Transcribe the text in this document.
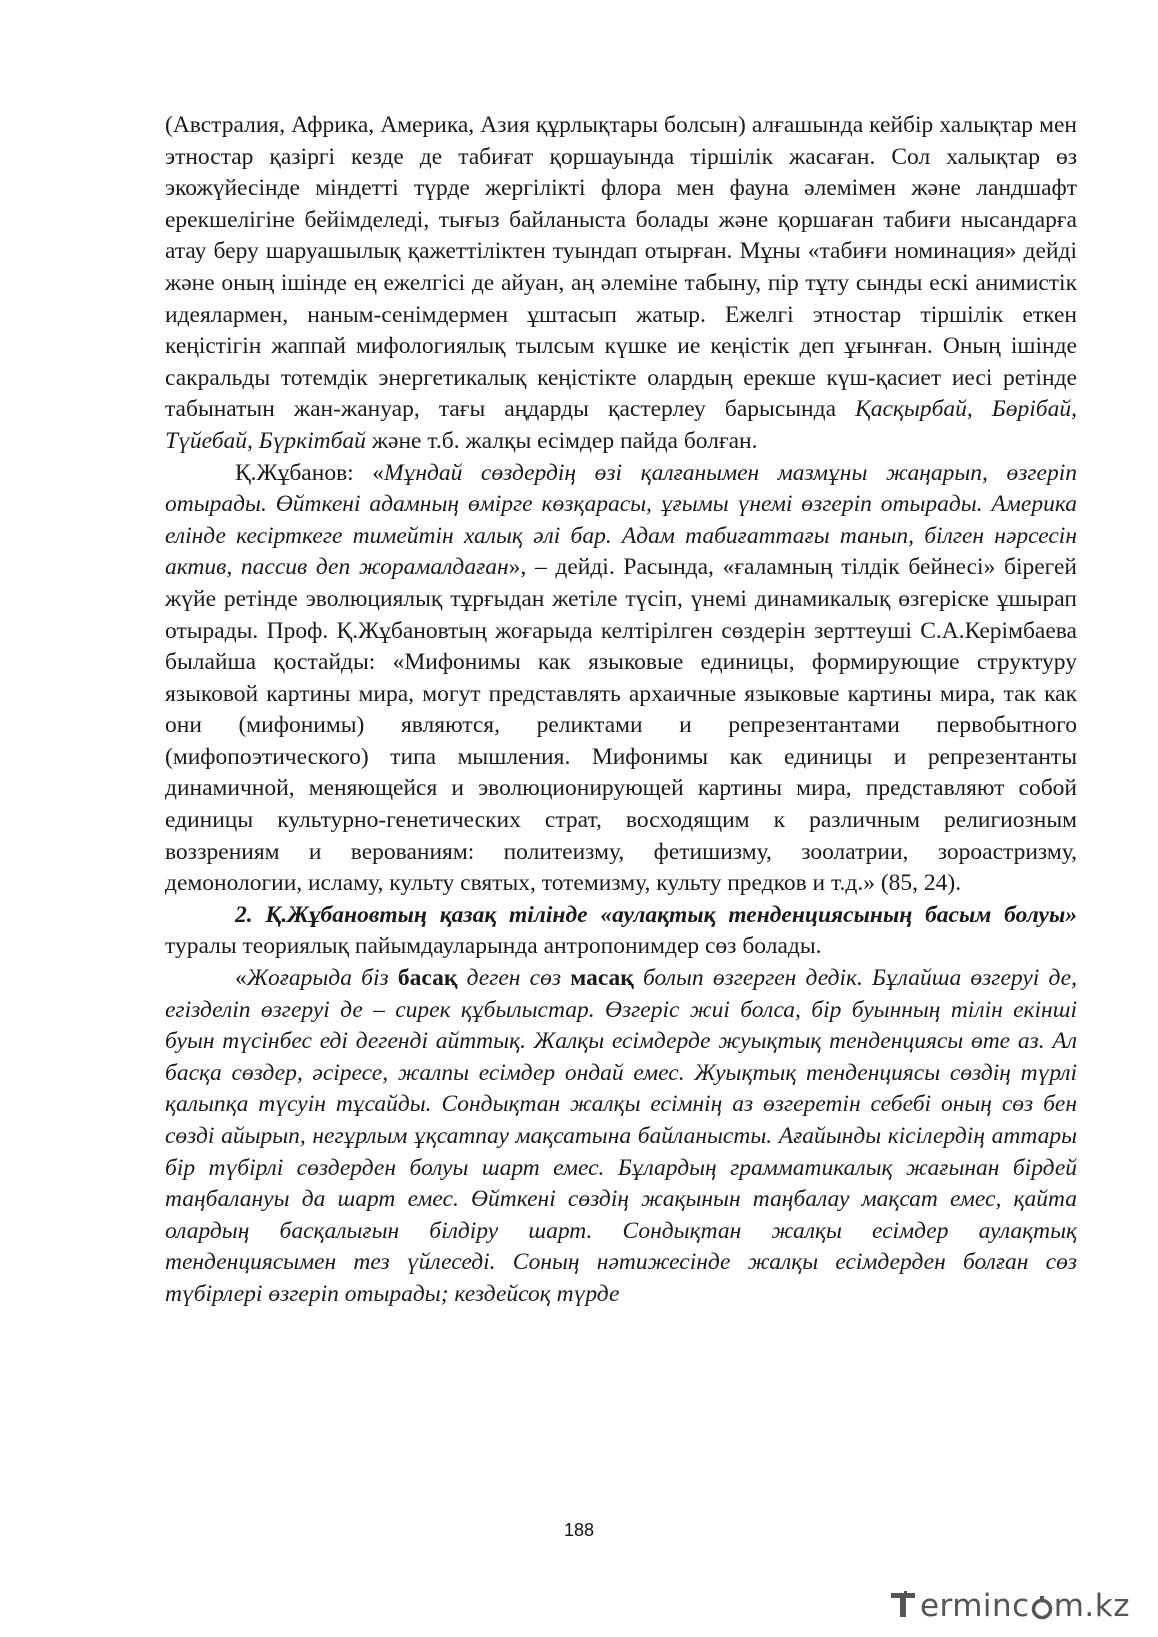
(Австралия, Африка, Америка, Азия құрлықтары болсын) алғашында кейбір халықтар мен этностар қазіргі кезде де табиғат қоршауында тіршілік жасаған. Сол халықтар өз экожүйесінде міндетті түрде жергілікті флора мен фауна әлемімен және ландшафт ерекшелігіне бейімделеді, тығыз байланыста болады және қоршаған табиғи нысандарға атау беру шаруашылық қажеттіліктен туындап отырған. Мұны «табиғи номинация» дейді және оның ішінде ең ежелгісі де айуан, аң әлеміне табыну, пір тұту сынды ескі анимистік идеялармен, наным-сенімдермен ұштасып жатыр. Ежелгі этностар тіршілік еткен кеңістігін жаппай мифологиялық тылсым күшке ие кеңістік деп ұғынған. Оның ішінде сакральды тотемдік энергетикалық кеңістікте олардың ерекше күш-қасиет иесі ретінде табынатын жан-жануар, тағы аңдарды қастерлеу барысында Қасқырбай, Бөрібай, Түйебай, Бүркітбай және т.б. жалқы есімдер пайда болған.

Қ.Жұбанов: «Мұндай сөздердің өзі қалғанымен мазмұны жаңарып, өзгеріп отырады. Өйткені адамның өмірге көзқарасы, ұғымы үнемі өзгеріп отырады. Америка елінде кесірткеге тимейтін халық әлі бар. Адам табиғаттағы танып, білген нәрсесін актив, пассив деп жорамалдаған», – дейді. Расында, «ғаламның тілдік бейнесі» бірегей жүйе ретінде эволюциялық тұрғыдан жетіле түсіп, үнемі динамикалық өзгеріске ұшырап отырады. Проф. Қ.Жұбановтың жоғарыда келтірілген сөздерін зерттеуші С.А.Керімбаева былайша қостайды: «Мифонимы как языковые единицы, формирующие структуру языковой картины мира, могут представлять архаичные языковые картины мира, так как они (мифонимы) являются, реликтами и репрезентантами первобытного (мифопоэтического) типа мышления. Мифонимы как единицы и репрезентанты динамичной, меняющейся и эволюционирующей картины мира, представляют собой единицы культурно-генетических страт, восходящим к различным религиозным воззрениям и верованиям: политеизму, фетишизму, зоолатрии, зороастризму, демонологии, исламу, культу святых, тотемизму, культу предков и т.д.» (85, 24).

2. Қ.Жұбановтың қазақ тілінде «аулақтық тенденциясының басым болуы» туралы теориялық пайымдауларында антропонимдер сөз болады.

«Жоғарыда біз басақ деген сөз масақ болып өзгерген дедік. Бұлайша өзгеруі де, егізделіп өзгеруі де – сирек құбылыстар. Өзгеріс жиі болса, бір буынның тілін екінші буын түсінбес еді дегенді айттық. Жалқы есімдерде жуықтық тенденциясы өте аз. Ал басқа сөздер, әсіресе, жалпы есімдер ондай емес. Жуықтық тенденциясы сөздің түрлі қалыпқа түсуін тұсайды. Сондықтан жалқы есімнің аз өзгеретін себебі оның сөз бен сөзді айырып, негұрлым ұқсатпау мақсатына байланысты. Ағайынды кісілердің аттары бір түбірлі сөздерден болуы шарт емес. Бұлардың грамматикалық жағынан бірдей таңбалануы да шарт емес. Өйткені сөздің жақынын таңбалау мақсат емес, қайта олардың басқалығын білдіру шарт. Сондықтан жалқы есімдер аулақтық тенденциясымен тез үйлеседі. Соның нәтижесінде жалқы есімдерден болған сөз түбірлері өзгеріп отырады; кездейсоқ түрде

188
erminc m.kz
